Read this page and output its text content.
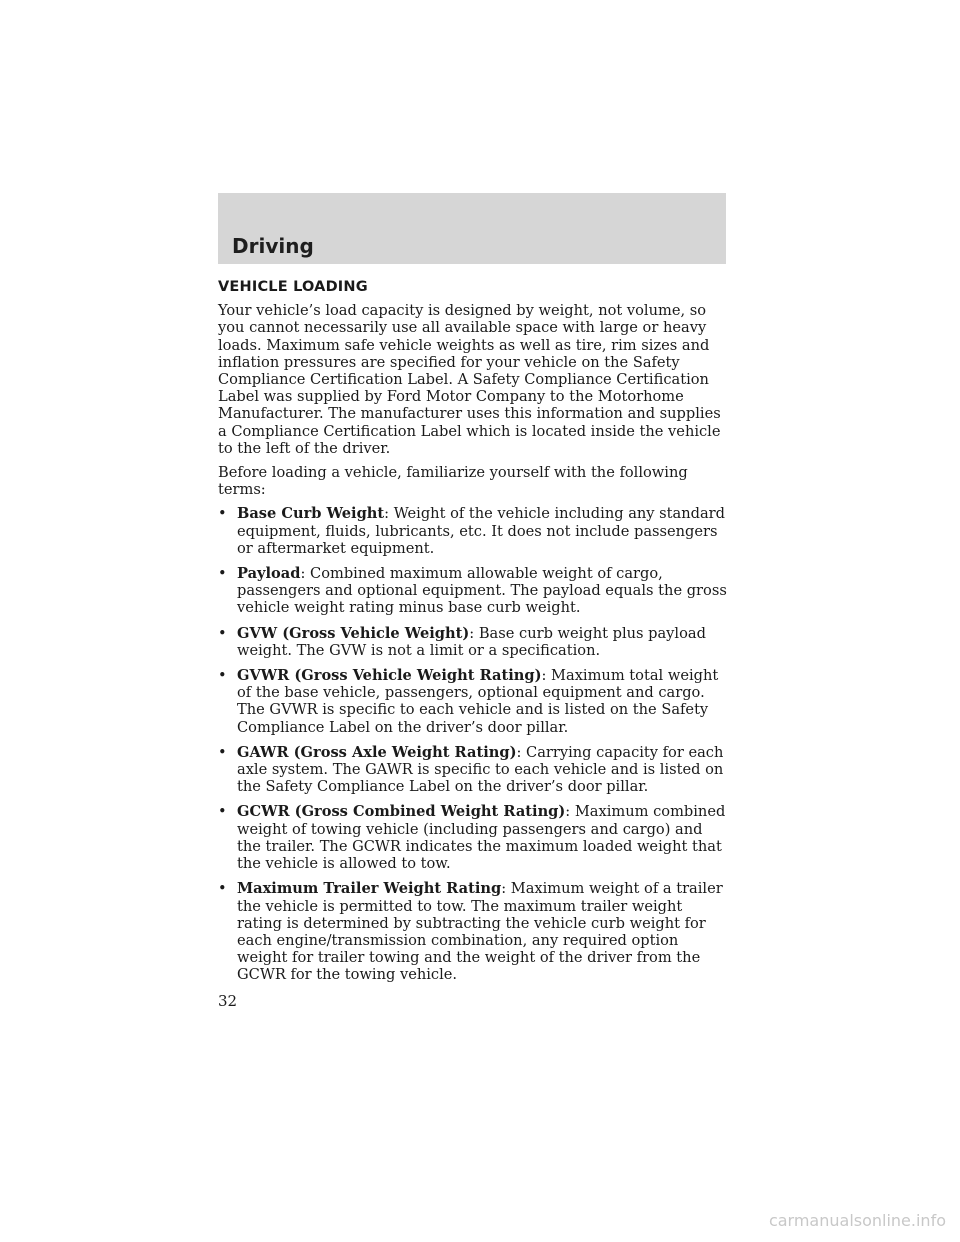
Driving
VEHICLE LOADING

Your vehicle’s load capacity is designed by weight, not volume, so you cannot necessarily use all available space with large or heavy loads. Maximum safe vehicle weights as well as tire, rim sizes and inflation pressures are specified for your vehicle on the Safety Compliance Certification Label. A Safety Compliance Certification Label was supplied by Ford Motor Company to the Motorhome Manufacturer. The manufacturer uses this information and supplies a Compliance Certification Label which is located inside the vehicle to the left of the driver.

Before loading a vehicle, familiarize yourself with the following terms:

• Base Curb Weight: Weight of the vehicle including any standard equipment, fluids, lubricants, etc. It does not include passengers or aftermarket equipment.
• Payload: Combined maximum allowable weight of cargo, passengers and optional equipment. The payload equals the gross vehicle weight rating minus base curb weight.
• GVW (Gross Vehicle Weight): Base curb weight plus payload weight. The GVW is not a limit or a specification.
• GVWR (Gross Vehicle Weight Rating): Maximum total weight of the base vehicle, passengers, optional equipment and cargo. The GVWR is specific to each vehicle and is listed on the Safety Compliance Label on the driver’s door pillar.
• GAWR (Gross Axle Weight Rating): Carrying capacity for each axle system. The GAWR is specific to each vehicle and is listed on the Safety Compliance Label on the driver’s door pillar.
• GCWR (Gross Combined Weight Rating): Maximum combined weight of towing vehicle (including passengers and cargo) and the trailer. The GCWR indicates the maximum loaded weight that the vehicle is allowed to tow.
• Maximum Trailer Weight Rating: Maximum weight of a trailer the vehicle is permitted to tow. The maximum trailer weight rating is determined by subtracting the vehicle curb weight for each engine/transmission combination, any required option weight for trailer towing and the weight of the driver from the GCWR for the towing vehicle.

32

carmanualsonline.info
